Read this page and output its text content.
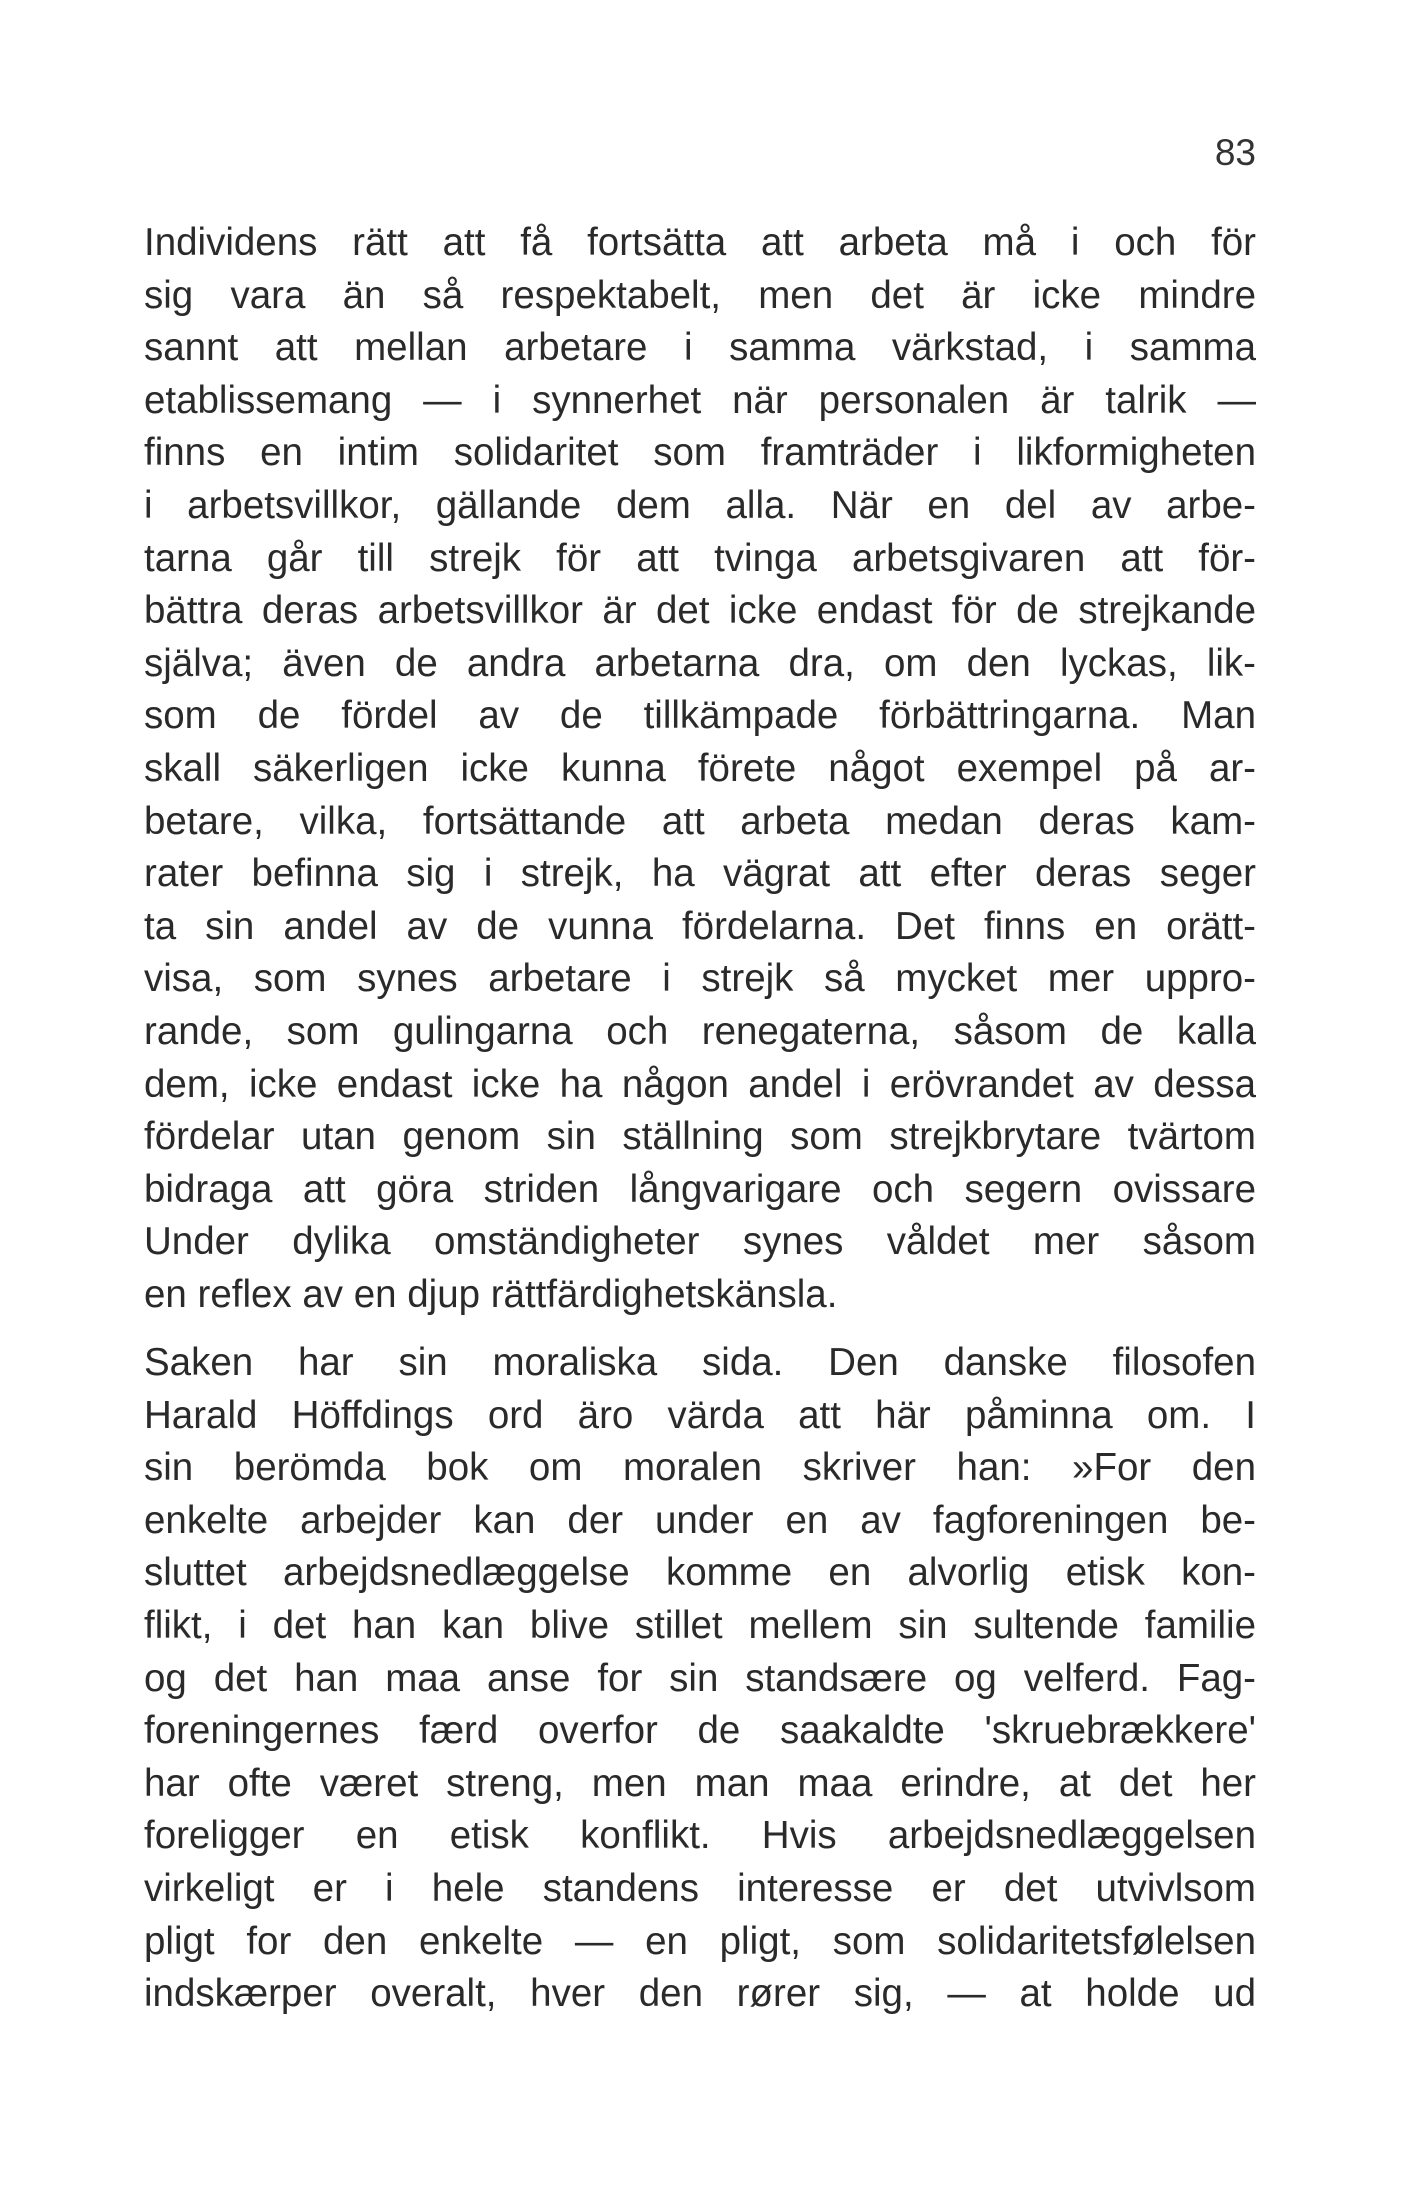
83
Individens rätt att få fortsätta att arbeta må i och för
sig vara än så respektabelt, men det är icke mindre
sannt att mellan arbetare i samma värkstad, i samma
etablissemang — i synnerhet när personalen är talrik —
finns en intim solidaritet som framträder i likformigheten
i arbetsvillkor, gällande dem alla. När en del av arbe-
tarna går till strejk för att tvinga arbetsgivaren att för-
bättra deras arbetsvillkor är det icke endast för de strejkande
själva; även de andra arbetarna dra, om den lyckas, lik-
som de fördel av de tillkämpade förbättringarna. Man
skall säkerligen icke kunna förete något exempel på ar-
betare, vilka, fortsättande att arbeta medan deras kam-
rater befinna sig i strejk, ha vägrat att efter deras seger
ta sin andel av de vunna fördelarna. Det finns en orätt-
visa, som synes arbetare i strejk så mycket mer uppro-
rande, som gulingarna och renegaterna, såsom de kalla
dem, icke endast icke ha någon andel i erövrandet av dessa
fördelar utan genom sin ställning som strejkbrytare tvärtom
bidraga att göra striden långvarigare och segern ovissare
Under dylika omständigheter synes våldet mer såsom
en reflex av en djup rättfärdighetskänsla.
Saken har sin moraliska sida. Den danske filosofen
Harald Höffdings ord äro värda att här påminna om. I
sin berömda bok om moralen skriver han: »For den
enkelte arbejder kan der under en av fagforeningen be-
sluttet arbejdsnedlæggelse komme en alvorlig etisk kon-
flikt, i det han kan blive stillet mellem sin sultende familie
og det han maa anse for sin standsære og velferd. Fag-
foreningernes færd overfor de saakaldte 'skruebrækkere'
har ofte været streng, men man maa erindre, at det her
foreligger en etisk konflikt. Hvis arbejdsnedlæggelsen
virkeligt er i hele standens interesse er det utvivlsom
pligt for den enkelte — en pligt, som solidaritetsfølelsen
indskærper overalt, hver den rører sig, — at holde ud
